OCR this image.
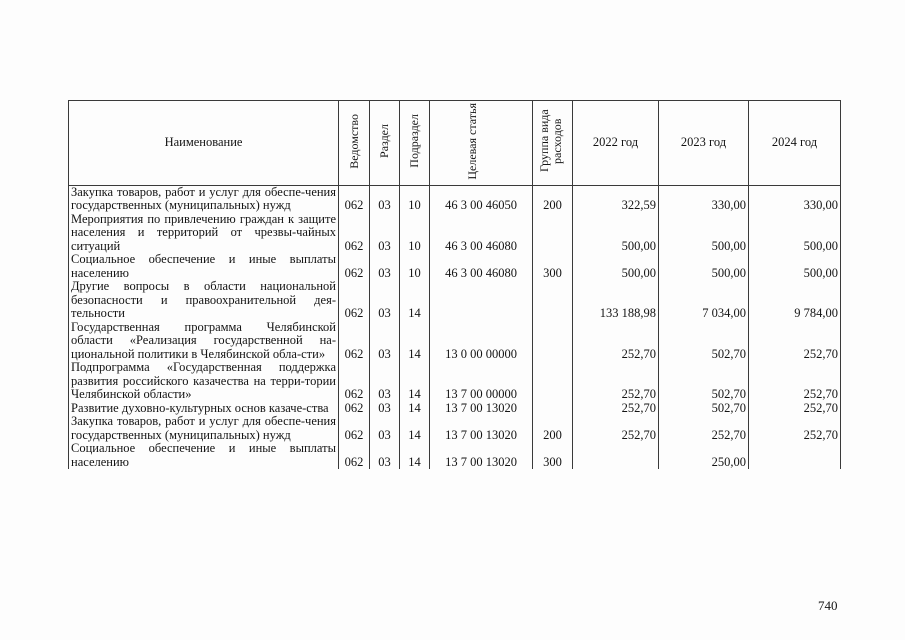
Наименование	Ведомство	Раздел	Подраздел	Целевая статья	Группа вида расходов	2022 год	2023 год	2024 год
Закупка товаров, работ и услуг для обеспе-чения государственных (муниципальных) нужд	062	03	10	46 3 00 46050	200	322,59	330,00	330,00
Мероприятия по привлечению граждан к защите населения и территорий от чрезвы-чайных ситуаций	062	03	10	46 3 00 46080		500,00	500,00	500,00
Социальное обеспечение и иные выплаты населению	062	03	10	46 3 00 46080	300	500,00	500,00	500,00
Другие вопросы в области национальной безопасности и правоохранительной дея-тельности	062	03	14			133 188,98	7 034,00	9 784,00
Государственная программа Челябинской области «Реализация государственной на-циональной политики в Челябинской обла-сти»	062	03	14	13 0 00 00000		252,70	502,70	252,70
Подпрограмма «Государственная поддержка развития российского казачества на терри-тории Челябинской области»	062	03	14	13 7 00 00000		252,70	502,70	252,70
Развитие духовно-культурных основ казаче-ства	062	03	14	13 7 00 13020		252,70	502,70	252,70
Закупка товаров, работ и услуг для обеспе-чения государственных (муниципальных) нужд	062	03	14	13 7 00 13020	200	252,70	252,70	252,70
Социальное обеспечение и иные выплаты населению	062	03	14	13 7 00 13020	300		250,00	
740
